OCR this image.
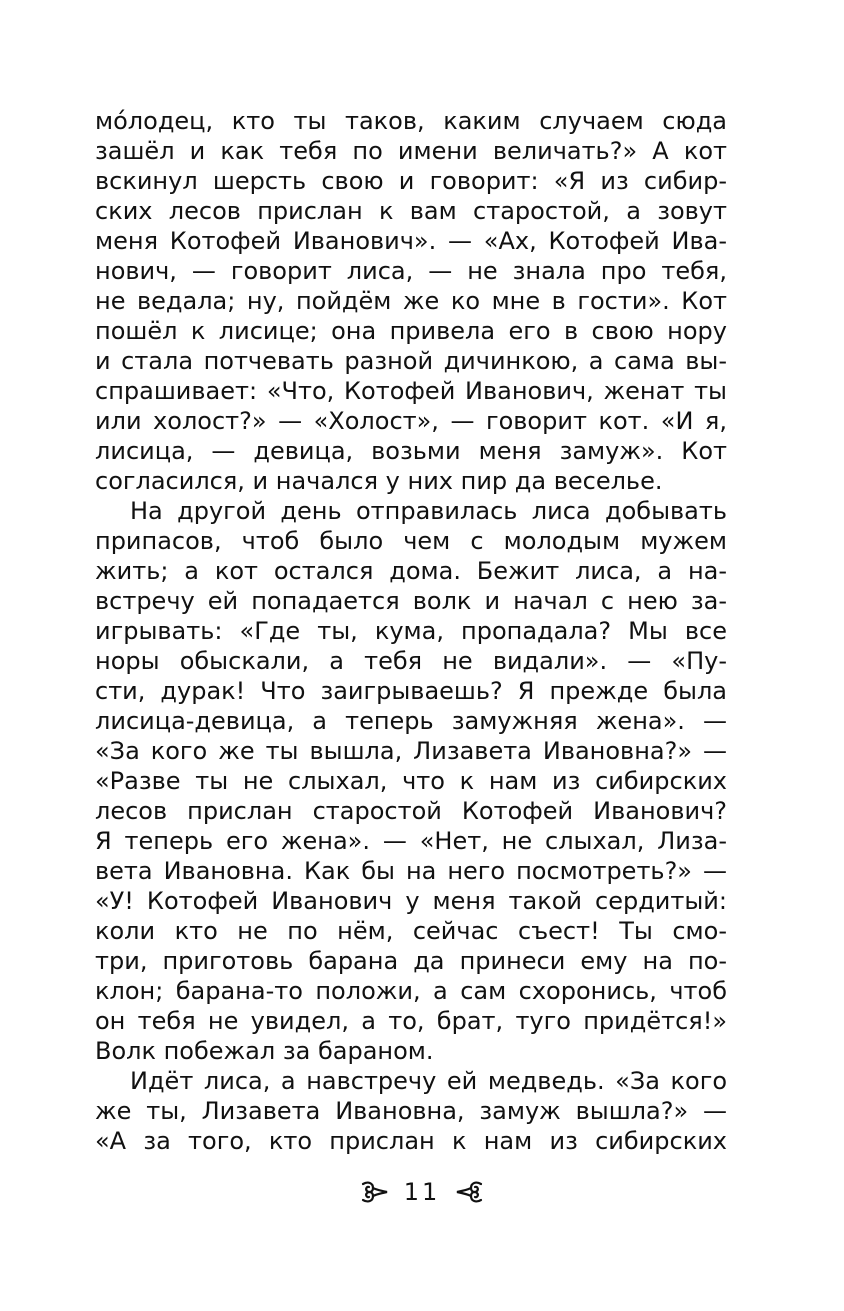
мо́лодец, кто ты таков, каким случаем сюда
зашёл и как тебя по имени величать?» А кот
вскинул шерсть свою и говорит: «Я из сибир-
ских лесов прислан к вам старостой, а зовут
меня Котофей Иванович». — «Ах, Котофей Ива-
нович, — говорит лиса, — не знала про тебя,
не ведала; ну, пойдём же ко мне в гости». Кот
пошёл к лисице; она привела его в свою нору
и стала потчевать разной дичинкою, а сама вы-
спрашивает: «Что, Котофей Иванович, женат ты
или холост?» — «Холост», — говорит кот. «И я,
лисица, — девица, возьми меня замуж». Кот
согласился, и начался у них пир да веселье.
На другой день отправилась лиса добывать
припасов, чтоб было чем с молодым мужем
жить; а кот остался дома. Бежит лиса, а на-
встречу ей попадается волк и начал с нею за-
игрывать: «Где ты, кума, пропадала? Мы все
норы обыскали, а тебя не видали». — «Пу-
сти, дурак! Что заигрываешь? Я прежде была
лисица-девица, а теперь замужняя жена». —
«За кого же ты вышла, Лизавета Ивановна?» —
«Разве ты не слыхал, что к нам из сибирских
лесов прислан старостой Котофей Иванович?
Я теперь его жена». — «Нет, не слыхал, Лиза-
вета Ивановна. Как бы на него посмотреть?» —
«У! Котофей Иванович у меня такой сердитый:
коли кто не по нём, сейчас съест! Ты смо-
три, приготовь барана да принеси ему на по-
клон; барана-то положи, а сам схоронись, чтоб
он тебя не увидел, а то, брат, туго придётся!»
Волк побежал за бараном.
Идёт лиса, а навстречу ей медведь. «За кого
же ты, Лизавета Ивановна, замуж вышла?» —
«А за того, кто прислан к нам из сибирских
11
